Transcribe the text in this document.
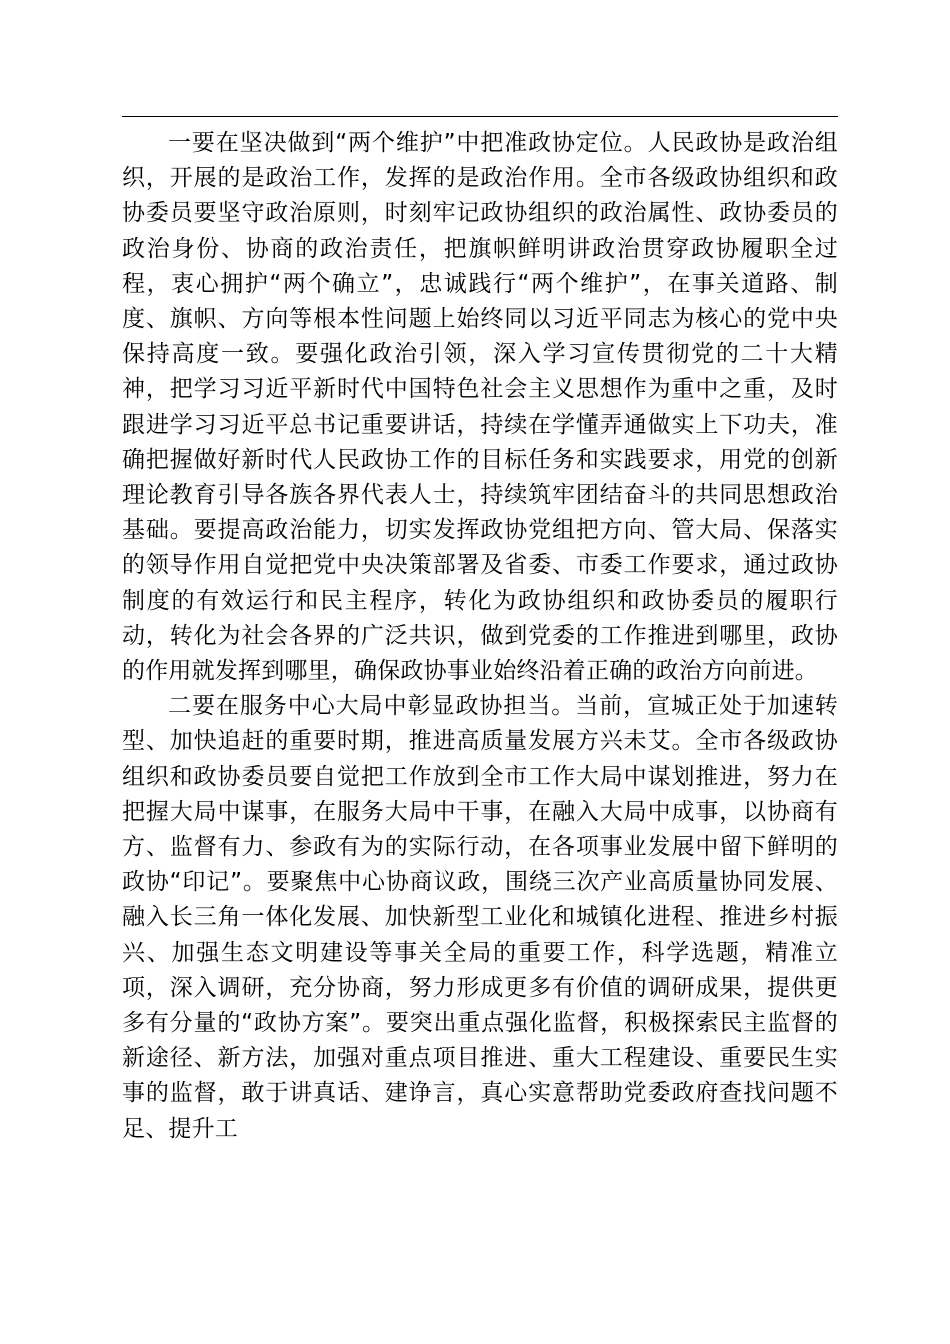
一要在坚决做到“两个维护”中把准政协定位。人民政协是政治组织，开展的是政治工作，发挥的是政治作用。全市各级政协组织和政协委员要坚守政治原则，时刻牢记政协组织的政治属性、政协委员的政治身份、协商的政治责任，把旗帜鲜明讲政治贯穿政协履职全过程，衷心拥护“两个确立”，忠诚践行“两个维护”，在事关道路、制度、旗帜、方向等根本性问题上始终同以习近平同志为核心的党中央保持高度一致。要强化政治引领，深入学习宣传贯彻党的二十大精神，把学习习近平新时代中国特色社会主义思想作为重中之重，及时跟进学习习近平总书记重要讲话，持续在学懂弄通做实上下功夫，准确把握做好新时代人民政协工作的目标任务和实践要求，用党的创新理论教育引导各族各界代表人士，持续筑牢团结奋斗的共同思想政治基础。要提高政治能力，切实发挥政协党组把方向、管大局、保落实的领导作用自觉把党中央决策部署及省委、市委工作要求，通过政协制度的有效运行和民主程序，转化为政协组织和政协委员的履职行动，转化为社会各界的广泛共识，做到党委的工作推进到哪里，政协的作用就发挥到哪里，确保政协事业始终沿着正确的政治方向前进。

二要在服务中心大局中彰显政协担当。当前，宣城正处于加速转型、加快追赶的重要时期，推进高质量发展方兴未艾。全市各级政协组织和政协委员要自觉把工作放到全市工作大局中谋划推进，努力在把握大局中谋事，在服务大局中干事，在融入大局中成事，以协商有方、监督有力、参政有为的实际行动，在各项事业发展中留下鲜明的政协“印记”。要聚焦中心协商议政，围绕三次产业高质量协同发展、融入长三角一体化发展、加快新型工业化和城镇化进程、推进乡村振兴、加强生态文明建设等事关全局的重要工作，科学选题，精准立项，深入调研，充分协商，努力形成更多有价值的调研成果，提供更多有分量的“政协方案”。要突出重点强化监督，积极探索民主监督的新途径、新方法，加强对重点项目推进、重大工程建设、重要民生实事的监督，敢于讲真话、建诤言，真心实意帮助党委政府查找问题不足、提升工
